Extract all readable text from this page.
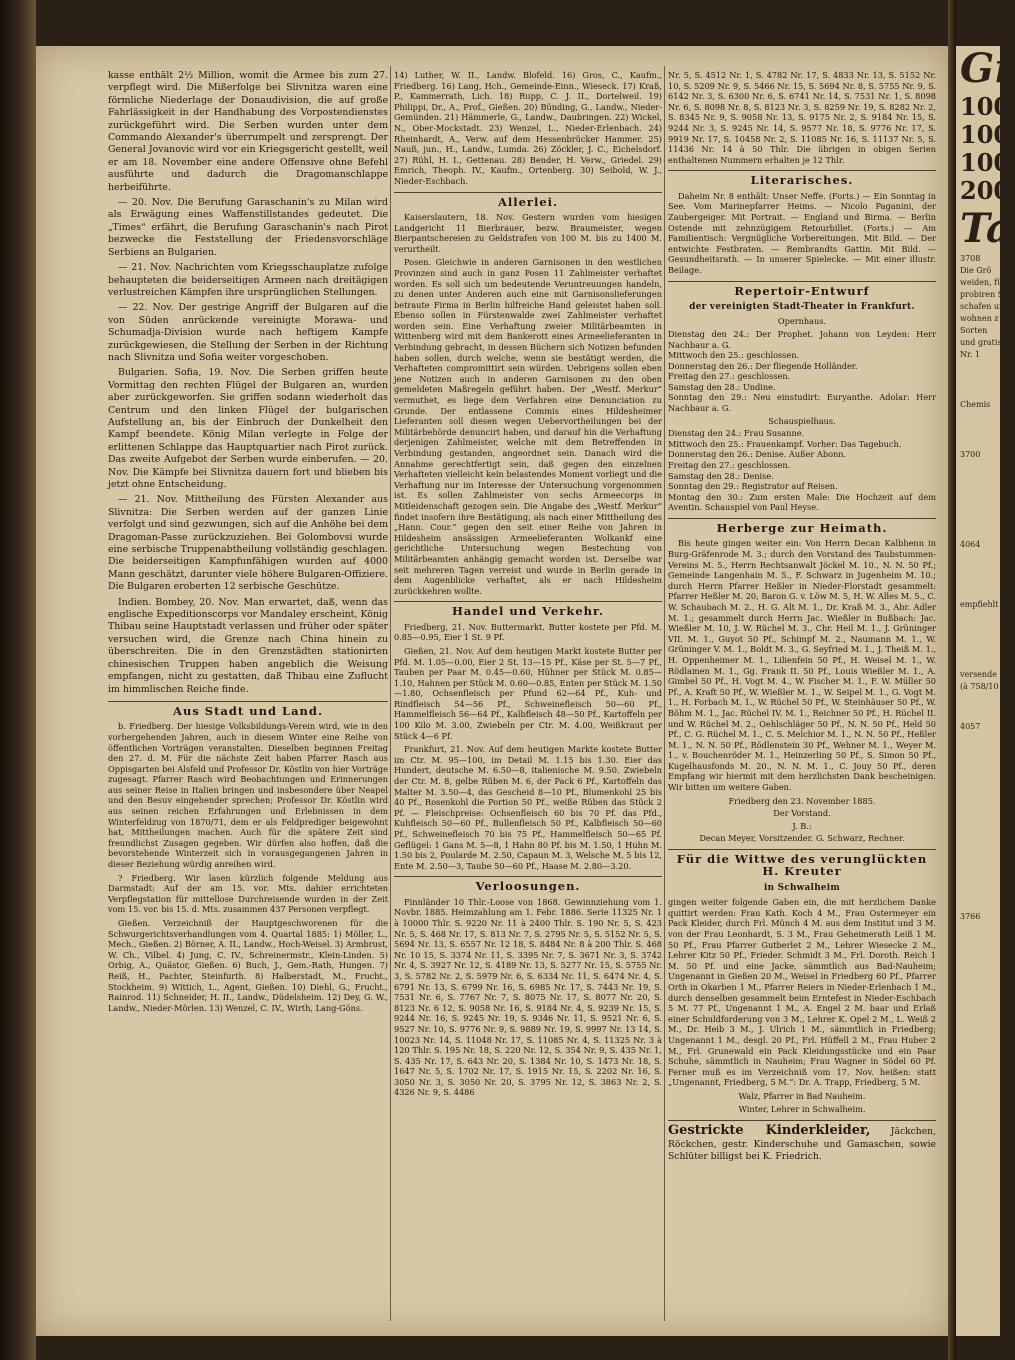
Gr
100
100
100
200
Ta
3708
Die Grö
weiden, für
probiren Sor
schafen um
wohnen z
Sorten
und gratis
Nr. 1
Chemis
3700
4064
empfiehlt b
versende Na
(à 758/10 1
4057
3766

kasse enthält 2½ Million, womit die Armee bis zum 27. verpflegt wird. Die Mißerfolge bei Slivnitza waren eine förmliche Niederlage der Donaudivision, die auf große Fahrlässigkeit in der Handhabung des Vorpostendienstes zurückgeführt wird. Die Serben wurden unter dem Commando Alexander's überrumpelt und zersprengt. Der General Jovanovic wird vor ein Kriegsgericht gestellt, weil er am 18. November eine andere Offensive ohne Befehl ausführte und dadurch die Dragomanschlappe herbeiführte.

— 20. Nov. Die Berufung Garaschanin's zu Milan wird als Erwägung eines Waffenstillstandes gedeutet. Die „Times“ erfährt, die Berufung Garaschanin's nach Pirot bezwecke die Feststellung der Friedensvorschläge Serbiens an Bulgarien.

— 21. Nov. Nachrichten vom Kriegsschauplatze zufolge behaupteten die beiderseitigen Armeen nach dreitägigen verlustreichen Kämpfen ihre ursprünglichen Stellungen.

— 22. Nov. Der gestrige Angriff der Bulgaren auf die von Süden anrückende vereinigte Morawa- und Schumadja-Division wurde nach heftigem Kampfe zurückgewiesen, die Stellung der Serben in der Richtung nach Slivnitza und Sofia weiter vorgeschoben.

Bulgarien. Sofia, 19. Nov. Die Serben griffen heute Vormittag den rechten Flügel der Bulgaren an, wurden aber zurückgeworfen. Sie griffen sodann wiederholt das Centrum und den linken Flügel der bulgarischen Aufstellung an, bis der Einbruch der Dunkelheit den Kampf beendete. König Milan verlegte in Folge der erlittenen Schlappe das Hauptquartier nach Pirot zurück. Das zweite Aufgebot der Serben wurde einberufen. — 20. Nov. Die Kämpfe bei Slivnitza dauern fort und blieben bis jetzt ohne Entscheidung.

— 21. Nov. Mittheilung des Fürsten Alexander aus Slivnitza: Die Serben werden auf der ganzen Linie verfolgt und sind gezwungen, sich auf die Anhöhe bei dem Dragoman-Passe zurückzuziehen. Bei Golombovsi wurde eine serbische Truppenabtheilung vollständig geschlagen. Die beiderseitigen Kampfunfähigen wurden auf 4000 Mann geschätzt, darunter viele höhere Bulgaren-Offiziere. Die Bulgaren eroberten 12 serbische Geschütze.

Indien. Bombey, 20. Nov. Man erwartet, daß, wenn das englische Expeditionscorps vor Mandaley erscheint, König Thibau seine Hauptstadt verlassen und früher oder später versuchen wird, die Grenze nach China hinein zu überschreiten. Die in den Grenzstädten stationirten chinesischen Truppen haben angeblich die Weisung empfangen, nicht zu gestatten, daß Thibau eine Zuflucht im himmlischen Reiche finde.

Aus Stadt und Land.

b. Friedberg. Der hiesige Volksbildungs-Verein wird, wie in den vorhergehenden Jahren, auch in diesem Winter eine Reihe von öffentlichen Vorträgen veranstalten. Dieselben beginnen Freitag den 27. d. M. Für die nächste Zeit haben Pfarrer Rasch aus Oppisgarten bei Alsfeld und Professor Dr. Köstlin von hier Vorträge zugesagt. Pfarrer Rasch wird Beobachtungen und Erinnerungen aus seiner Reise in Italien bringen und insbesondere über Neapel und den Besuv eingehender sprechen; Professor Dr. Köstlin wird aus seinen reichen Erfahrungen und Erlebnissen in dem Winterfeldzug von 1870/71, dem er als Feldprediger beigewohnt hat, Mittheilungen machen. Auch für die spätere Zeit sind freundlichst Zusagen gegeben. Wir dürfen also hoffen, daß die bevorstehende Winterzeit sich in vorausgegangenen Jahren in dieser Beziehung würdig anreihen wird.

? Friedberg. Wir lasen kürzlich folgende Meldung aus Darmstadt: Auf der am 15. vor. Mts. dahier errichteten Verpflegstation für mittellose Durchreisende wurden in der Zeit vom 15. vor. bis 15. d. Mts. zusammen 437 Personen verpflegt.

Gießen. Verzeichniß der Hauptgeschworenen für die Schwurgerichtsverhandlungen vom 4. Quartal 1885: 1) Möller, L., Mech., Gießen. 2) Börner, A. II., Landw., Hoch-Weisel. 3) Armbrust, W. Ch., Vilbel. 4) Jung, C. IV., Schreinermstr., Klein-Linden. 5) Orbig, A., Quästor, Gießen. 6) Buch, J., Gem.-Rath, Hungen. 7) Reiß, H., Pachter, Steinfurth. 8) Halberstadt, M., Frucht., Stockheim. 9) Wittich, L., Agent, Gießen. 10) Diehl, G., Frucht., Rainrod. 11) Schneider, H. II., Landw., Düdelsheim. 12) Dey, G. W., Landw., Nieder-Mörlen. 13) Wenzel, C. IV., Wirth, Lang-Göns.

14) Luther, W. II., Landw. Blofeld. 16) Gros, C., Kaufm., Friedberg. 16) Lang, Hch., Gemeinde-Einn., Wieseck. 17) Kraß, P., Kammerrath, Lich. 18) Rupp, C. J. II., Dortelweil. 19) Philippi, Dr., A., Prof., Gießen. 20) Bünding, G., Landw., Nieder-Gemünden. 21) Hämmerle, G., Landw., Daubringen. 22) Wickel, N., Ober-Mockstadt. 23) Wenzel, L., Nieder-Erlenbach. 24) Rheinhardt, A., Verw. auf dem Hessenbrücker Hammer. 25) Nauß, jun., H., Landw., Lumda. 26) Zöckler, J. C., Eichelsdorf. 27) Rühl, H. I., Gettenau. 28) Bender, H. Verw., Griedel. 29) Emrich, Theoph. IV., Kaufm., Ortenberg. 30) Seibold, W. J., Nieder-Eschbach.

Allerlei.

Kaiserslautern, 18. Nov. Gestern wurden vom hiesigen Landgericht 11 Bierbrauer, bezw. Braumeister, wegen Bierpantschereien zu Geldstrafen von 100 M. bis zu 1400 M. verurtheilt.

Posen. Gleichwie in anderen Garnisonen in den westlichen Provinzen sind auch in ganz Posen 11 Zahlmeister verhaftet worden. Es soll sich um bedeutende Veruntreuungen handeln, zu denen unter Anderen auch eine mit Garnisonslieferungen betraute Firma in Berlin hilfreiche Hand geleistet haben soll. Ebenso sollen in Fürstenwalde zwei Zahlmeister verhaftet worden sein. Eine Verhaftung zweier Militärbeamten in Wittenberg wird mit dem Bankerott eines Armeelieferanten in Verbindung gebracht, in dessen Büchern sich Notizen befunden haben sollen, durch welche, wenn sie bestätigt werden, die Verhafteten compromittirt sein würden. Uebrigens sollen eben jene Notizen auch in anderen Garnisonen zu den oben gemeldeten Maßregeln geführt haben. Der „Westf. Merkur“ vermuthet, es liege dem Verfahren eine Denunciation zu Grunde. Der entlassene Commis eines Hildesheimer Lieferanten soll diesen wegen Uebervortheilungen bei der Militärbehörde denuncirt haben, und darauf hin die Verhaftung derjenigen Zahlmeister, welche mit dem Betreffenden in Verbindung gestanden, angeordnet sein. Danach wird die Annahme gerechtfertigt sein, daß gegen den einzelnen Verhafteten vielleicht kein belastendes Moment vorliegt und die Verhaftung nur im Interesse der Untersuchung vorgenommen ist. Es sollen Zahlmeister von sechs Armeecorps in Mitleidenschaft gezogen sein. Die Angabe des „Westf. Merkur“ findet insofern ihre Bestätigung, als nach einer Mittheilung des „Hann. Cour.“ gegen den seit einer Reihe von Jahren in Hildesheim ansässigen Armeelieferanten Wolkankf eine gerichtliche Untersuchung wegen Bestechung von Militärbeamten anhängig gemacht worden ist. Derselbe war seit mehreren Tagen verreist und wurde in Berlin gerade in dem Augenblicke verhaftet, als er nach Hildesheim zurückkehren wollte.

Handel und Verkehr.

Friedberg, 21. Nov. Buttermarkt. Butter kostete per Pfd. M. 0.85—0.95, Eier 1 St. 9 Pf.

Gießen, 21. Nov. Auf dem heutigen Markt kostete Butter per Pfd. M. 1.05—0.00, Eier 2 St. 13—15 Pf., Käse per St. 5—7 Pf., Tauben per Paar M. 0.45—0.60, Hühner per Stück M. 0.85—1.10, Hahnen per Stück M. 0.60—0.85, Enten per Stück M. 1.50—1.80, Ochsenfleisch per Pfund 62—64 Pf., Kuh- und Rindfleisch 54—56 Pf., Schweinefleisch 50—60 Pf., Hammelfleisch 56—64 Pf., Kalbfleisch 48—50 Pf., Kartoffeln per 100 Kilo M. 3.00, Zwiebeln per Ctr. M. 4.00, Weißkraut per Stück 4—6 Pf.

Frankfurt, 21. Nov. Auf dem heutigen Markte kostete Butter im Ctr. M. 95—100, im Detail M. 1.15 bis 1.30. Eier das Hundert, deutsche M. 6.50—8, italienische M. 9.50. Zwiebeln der Ctr. M. 8, gelbe Rüben M. 6, der Pack 6 Pf., Kartoffeln das Malter M. 3.50—4, das Gescheid 8—10 Pf., Blumenkohl 25 bis 40 Pf., Rosenkohl die Portion 50 Pf., weiße Rüben das Stück 2 Pf. — Fleischpreise: Ochsenfleisch 60 bis 70 Pf. das Pfd., Kuhfleisch 50—60 Pf., Bullenfleisch 50 Pf., Kalbfleisch 50—60 Pf., Schweinefleisch 70 bis 75 Pf., Hammelfleisch 50—65 Pf. Geflügel: 1 Gans M. 5—8, 1 Hahn 80 Pf. bis M. 1.50, 1 Huhn M. 1.50 bis 2, Poularde M. 2.50, Capaun M. 3, Welsche M. 5 bis 12, Ente M. 2.50—3, Taube 50—60 Pf., Haase M. 2.80—3.20.

Verloosungen.

Finnländer 10 Thlr.-Loose von 1868. Gewinnziehung vom 1. Novbr. 1885. Heimzahlung am 1. Febr. 1886. Serie 11325 Nr. 1 à 10000 Thlr. S. 9220 Nr. 11 à 2400 Thlr. S. 190 Nr. 5, S. 423 Nr. 5, S. 468 Nr. 17, S. 813 Nr. 7, S. 2795 Nr. 5, S. 5152 Nr. 5, S. 5694 Nr. 13, S. 6557 Nr. 12 18, S. 8484 Nr. 8 à 200 Thlr. S. 468 Nr. 10 15, S. 3374 Nr. 11, S. 3395 Nr. 7, S. 3671 Nr. 3, S. 3742 Nr. 4, S. 3927 Nr. 12, S. 4189 Nr. 13, S. 5277 Nr. 15, S. 5755 Nr. 3, S. 5782 Nr. 2, S. 5979 Nr. 6, S. 6334 Nr. 11, S. 6474 Nr. 4, S. 6791 Nr. 13, S. 6799 Nr. 16, S. 6985 Nr. 17, S. 7443 Nr. 19, S. 7531 Nr. 6, S. 7767 Nr. 7, S. 8075 Nr. 17, S. 8077 Nr. 20, S. 8123 Nr. 6 12, S. 9058 Nr. 16, S. 9184 Nr. 4, S. 9239 Nr. 15, S. 9244 Nr. 16, S. 9245 Nr. 19, S. 9346 Nr. 11, S. 9521 Nr. 6, S. 9527 Nr. 10, S. 9776 Nr. 9, S. 9889 Nr. 19, S. 9997 Nr. 13 14, S. 10023 Nr. 14, S. 11048 Nr. 17, S. 11085 Nr. 4, S. 11325 Nr. 3 à 120 Thlr. S. 195 Nr. 18, S. 220 Nr. 12, S. 354 Nr. 9, S. 435 Nr. 1, S. 435 Nr. 17, S. 643 Nr. 20, S. 1384 Nr. 10, S. 1473 Nr. 18, S. 1647 Nr. 5, S. 1702 Nr. 17, S. 1915 Nr. 15, S. 2202 Nr. 16, S. 3050 Nr. 3, S. 3050 Nr. 20, S. 3795 Nr. 12, S. 3863 Nr. 2, S. 4326 Nr. 9, S. 4486

Nr. 5, S. 4512 Nr. 1, S. 4782 Nr. 17, S. 4833 Nr. 13, S. 5152 Nr. 10, S. 5209 Nr. 9, S. 5466 Nr. 15, S. 5694 Nr. 8, S. 5755 Nr. 9, S. 6142 Nr. 3, S. 6300 Nr. 6, S. 6741 Nr. 14, S. 7531 Nr. 1, S. 8098 Nr. 6, S. 8098 Nr. 8, S. 8123 Nr. 3, S. 8259 Nr. 19, S. 8282 Nr. 2, S. 8345 Nr. 9, S. 9058 Nr. 13, S. 9175 Nr. 2, S. 9184 Nr. 15, S. 9244 Nr. 3, S. 9245 Nr. 14, S. 9577 Nr. 18, S. 9776 Nr. 17, S. 9919 Nr. 17, S. 10458 Nr. 2, S. 11085 Nr. 16, S. 11137 Nr. 5, S. 11436 Nr. 14 à 50 Thlr. Die übrigen in obigen Serien enthaltenen Nummern erhalten je 12 Thlr.

Literarisches.

Daheim Nr. 8 enthält: Unser Neffe. (Forts.) — Ein Sonntag in See. Vom Marinepfarrer Heims. — Nicolo Paganini, der Zaubergeiger. Mit Portrait. — England und Birma. — Berlin Ostende mit zehnzügigem Retourbillet. (Forts.) — Am Familientisch: Vergnügliche Vorbereitungen. Mit Bild. — Der entwichte Festbraten. — Rembrandts Gattin. Mit Bild. — Gesundheitsrath. — In unserer Spielecke. — Mit einer illustr. Beilage.

Repertoir-Entwurf
der vereinigten Stadt-Theater in Frankfurt.

Opernhaus.

Dienstag den 24.: Der Prophet. Johann von Leyden: Herr Nachbaur a. G.

Mittwoch den 25.: geschlossen.

Donnerstag den 26.: Der fliegende Holländer.

Freitag den 27.: geschlossen.

Samstag den 28.: Undine.

Sonntag den 29.: Neu einstudirt: Euryanthe. Adolar: Herr Nachbaur a. G.

Schauspielhaus.

Dienstag den 24.: Frau Susanne.

Mittwoch den 25.: Frauenkampf. Vorher: Das Tagebuch.

Donnerstag den 26.: Denise. Außer Abonn.

Freitag den 27.: geschlossen.

Samstag den 28.: Denise.

Sonntag den 29.: Registrator auf Reisen.

Montag den 30.: Zum ersten Male: Die Hochzeit auf dem Aventin. Schauspiel von Paul Heyse.

Herberge zur Heimath.

Bis heute gingen weiter ein: Von Herrn Decan Kalbhenn in Burg-Gräfenrode M. 3.; durch den Vorstand des Taubstummen-Vereins M. 5., Herrn Rechtsanwalt Jöckel M. 10., N. N. 50 Pf.; Gemeinde Langenhain M. 5., F. Schwarz in Jugenheim M. 10.; durch Herrn Pfarrer Heßler in Nieder-Florstadt gesammelt: Pfarrer Heßler M. 20, Baron G. v. Löw M. 5, H. W. Alles M. 5., C. W. Schaubach M. 2., H. G. Alt M. 1., Dr. Kraß M. 3., Abr. Adler M. 1.; gesammelt durch Herrn Jac. Wießler in Bußbach: Jac. Wießler M. 10, J. W. Rüchel M. 3., Chr. Heil M. 1., J. Grüninger VII. M. 1., Guyot 50 Pf., Schimpf M. 2., Naumann M. 1., W. Grüninger V. M. 1., Boldt M. 3., G. Seyfried M. 1., J. Theiß M. 1., H. Oppenheimer M. 1., Lilienfein 50 Pf., H. Weisel M. 1., W. Rödlamen M. 1., Gg. Frank II. 50 Pf., Louis Wießler M. 1., A. Gimbel 50 Pf., H. Vogt M. 4., W. Fischer M. 1., F. W. Müller 50 Pf., A. Kraft 50 Pf., W. Wießler M. 1., W. Seipel M. 1., G. Vogt M. 1., H. Forbach M. 1., W. Rüchel 50 Pf., W. Steinhäuser 50 Pf., W. Böhm M. 1., Jac. Rüchel IV. M. 1., Reichner 50 Pf., H. Rüchel II. und W. Rüchel M. 2., Oehlschläger 50 Pf., N. N. 50 Pf., Held 50 Pf., C. G. Rüchel M. 1., C. S. Melchior M. 1., N. N. 50 Pf., Heßler M. 1., N. N. 50 Pf., Rödlenstein 30 Pf., Wehner M. 1., Weyer M. 1., v. Bouchenröder M. 1., Heinzerling 50 Pf., S. Simon 50 Pf., Kugelhausfonds M. 20., N. N. M. 1., C. Jouy 50 Pf., deren Empfang wir hiermit mit dem herzlichsten Dank bescheinigen. Wir bitten um weitere Gaben.

Friedberg den 23. November 1885.

Der Vorstand.

J. B.:

Decan Meyer, Vorsitzender. G. Schwarz, Rechner.

Für die Wittwe des verunglückten H. Kreuter
in Schwalheim

gingen weiter folgende Gaben ein, die mit herzlichem Danke quittirt werden: Frau Kath. Koch 4 M., Frau Ostermeyer ein Pack Kleider, durch Frl. Münch 4 M. aus dem Institut und 3 M. von der Frau Leonhardt, S. 3 M., Frau Geheimerath Leiß 1 M. 50 Pf., Frau Pfarrer Gutberlet 2 M., Lehrer Wiesecke 2 M., Lehrer Kitz 50 Pf., Frieder. Schmidt 3 M., Frl. Doroth. Reich 1 M. 50 Pf. und eine Jacke, sämmtlich aus Bad-Nauheim; Ungenannt in Gießen 20 M., Weisel in Friedberg 60 Pf., Pfarrer Orth in Okarben 1 M., Pfarrer Reiers in Nieder-Erlenbach 1 M., durch denselben gesammelt beim Erntefest in Nieder-Eschbach 5 M. 77 Pf., Ungenannt 1 M., A. Engel 2 M. baar und Erlaß einer Schuldforderung von 3 M., Lehrer K. Opel 2 M., L. Weiß 2 M., Dr. Heib 3 M., J. Ulrich 1 M., sämmtlich in Friedberg; Ungenannt 1 M., desgl. 20 Pf., Frl. Hüffell 2 M., Frau Huber 2 M., Frl. Grunewald ein Pack Kleidungsstücke und ein Paar Schuhe, sämmtlich in Nauheim; Frau Wagner in Södel 60 Pf. Ferner muß es im Verzeichniß vom 17. Nov. heißen: statt „Ungenannt, Friedberg, 5 M.“: Dr. A. Trapp, Friedberg, 5 M.

Walz, Pfarrer in Bad Nauheim.

Winter, Lehrer in Schwalheim.

Gestrickte Kinderkleider, Jäckchen, Röckchen, gestr. Kinderschuhe und Gamaschen, sowie Schlüter billigst bei K. Friedrich.
